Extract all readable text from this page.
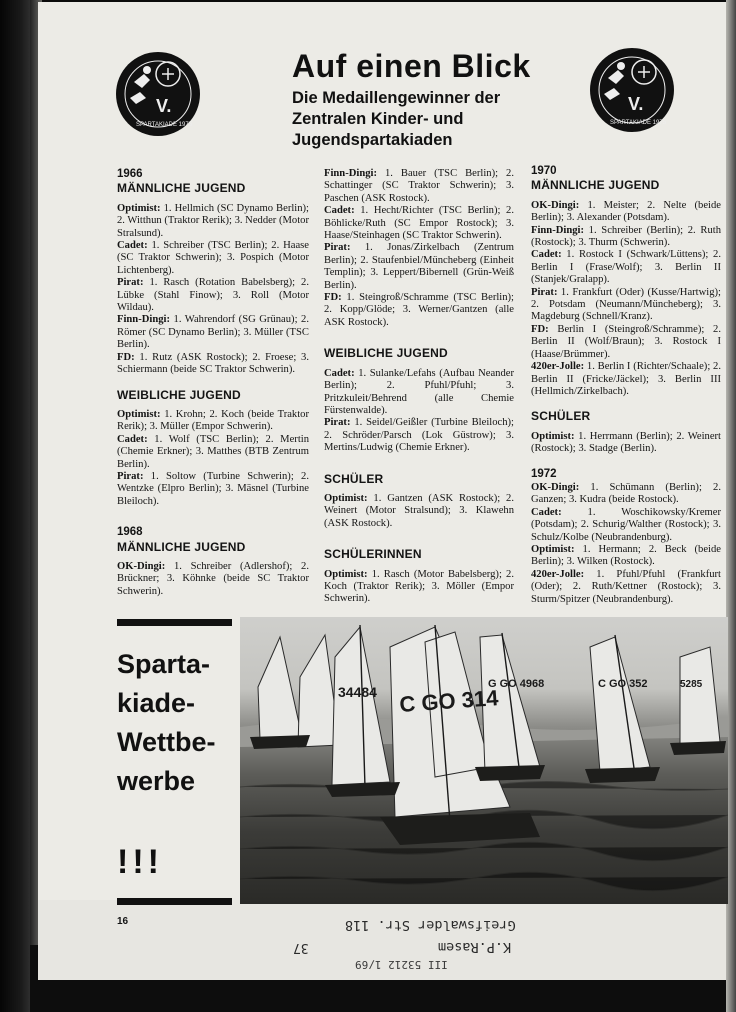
V.
SPARTAKIADE 1975
V.
SPARTAKIADE 1975
Auf einen Blick
Die Medaillengewinner der Zentralen Kinder- und Jugendspartakiaden
1966
MÄNNLICHE JUGEND

Optimist: 1. Hellmich (SC Dynamo Berlin); 2. Witthun (Traktor Rerik); 3. Nedder (Motor Stralsund).

Cadet: 1. Schreiber (TSC Berlin); 2. Haase (SC Traktor Schwerin); 3. Pospich (Motor Lichtenberg).

Pirat: 1. Rasch (Rotation Babelsberg); 2. Lübke (Stahl Finow); 3. Roll (Motor Wildau).

Finn-Dingi: 1. Wahrendorf (SG Grünau); 2. Römer (SC Dynamo Berlin); 3. Müller (TSC Berlin).

FD: 1. Rutz (ASK Rostock); 2. Froese; 3. Schiermann (beide SC Traktor Schwerin).

WEIBLICHE JUGEND

Optimist: 1. Krohn; 2. Koch (beide Traktor Rerik); 3. Müller (Empor Schwerin).

Cadet: 1. Wolf (TSC Berlin); 2. Mertin (Chemie Erkner); 3. Matthes (BTB Zentrum Berlin).

Pirat: 1. Soltow (Turbine Schwerin); 2. Wentzke (Elpro Berlin); 3. Mäsnel (Turbine Bleiloch).

1968
MÄNNLICHE JUGEND

OK-Dingi: 1. Schreiber (Adlershof); 2. Brückner; 3. Köhnke (beide SC Traktor Schwerin).

Finn-Dingi: 1. Bauer (TSC Berlin); 2. Schattinger (SC Traktor Schwerin); 3. Paschen (ASK Rostock).

Cadet: 1. Hecht/Richter (TSC Berlin); 2. Böhlicke/Ruth (SC Empor Rostock); 3. Haase/Steinhagen (SC Traktor Schwerin).

Pirat: 1. Jonas/Zirkelbach (Zentrum Berlin); 2. Staufenbiel/Müncheberg (Einheit Templin); 3. Leppert/Bibernell (Grün-Weiß Berlin).

FD: 1. Steingroß/Schramme (TSC Berlin); 2. Kopp/Glöde; 3. Werner/Gantzen (alle ASK Rostock).

WEIBLICHE JUGEND

Cadet: 1. Sulanke/Lefahs (Aufbau Neander Berlin); 2. Pfuhl/Pfuhl; 3. Pritzkuleit/Behrend (alle Chemie Fürstenwalde).

Pirat: 1. Seidel/Geißler (Turbine Bleiloch); 2. Schröder/Parsch (Lok Güstrow); 3. Mertins/Ludwig (Chemie Erkner).

SCHÜLER

Optimist: 1. Gantzen (ASK Rostock); 2. Weinert (Motor Stralsund); 3. Klawehn (ASK Rostock).

SCHÜLERINNEN

Optimist: 1. Rasch (Motor Babelsberg); 2. Koch (Traktor Rerik); 3. Möller (Empor Schwerin).

1970
MÄNNLICHE JUGEND

OK-Dingi: 1. Meister; 2. Nelte (beide Berlin); 3. Alexander (Potsdam).

Finn-Dingi: 1. Schreiber (Berlin); 2. Ruth (Rostock); 3. Thurm (Schwerin).

Cadet: 1. Rostock I (Schwark/Lüttens); 2. Berlin I (Frase/Wolf); 3. Berlin II (Stanjek/Gralapp).

Pirat: 1. Frankfurt (Oder) (Kusse/Hartwig); 2. Potsdam (Neumann/Müncheberg); 3. Magdeburg (Schnell/Kranz).

FD: Berlin I (Steingroß/Schramme); 2. Berlin II (Wolf/Braun); 3. Rostock I (Haase/Brümmer).

420er-Jolle: 1. Berlin I (Richter/Schaale); 2. Berlin II (Fricke/Jäckel); 3. Berlin III (Hellmich/Zirkelbach).

SCHÜLER

Optimist: 1. Herrmann (Berlin); 2. Weinert (Rostock); 3. Stadge (Berlin).

1972

OK-Dingi: 1. Schümann (Berlin); 2. Ganzen; 3. Kudra (beide Rostock).

Cadet: 1. Woschikowsky/Kremer (Potsdam); 2. Schurig/Walther (Rostock); 3. Schulz/Kolbe (Neubrandenburg).

Optimist: 1. Hermann; 2. Beck (beide Berlin); 3. Wilken (Rostock).

420er-Jolle: 1. Pfuhl/Pfuhl (Frankfurt (Oder); 2. Ruth/Kettner (Rostock); 3. Sturm/Spitzer (Neubrandenburg).

Sparta-
kiade-
Wettbe-
werbe
!!!
C GO 314
34484	G GO 4968	C GO 352	5285
16	Greifswalder Str. 118
K.P.Rasem
37
III 53212 1/69
